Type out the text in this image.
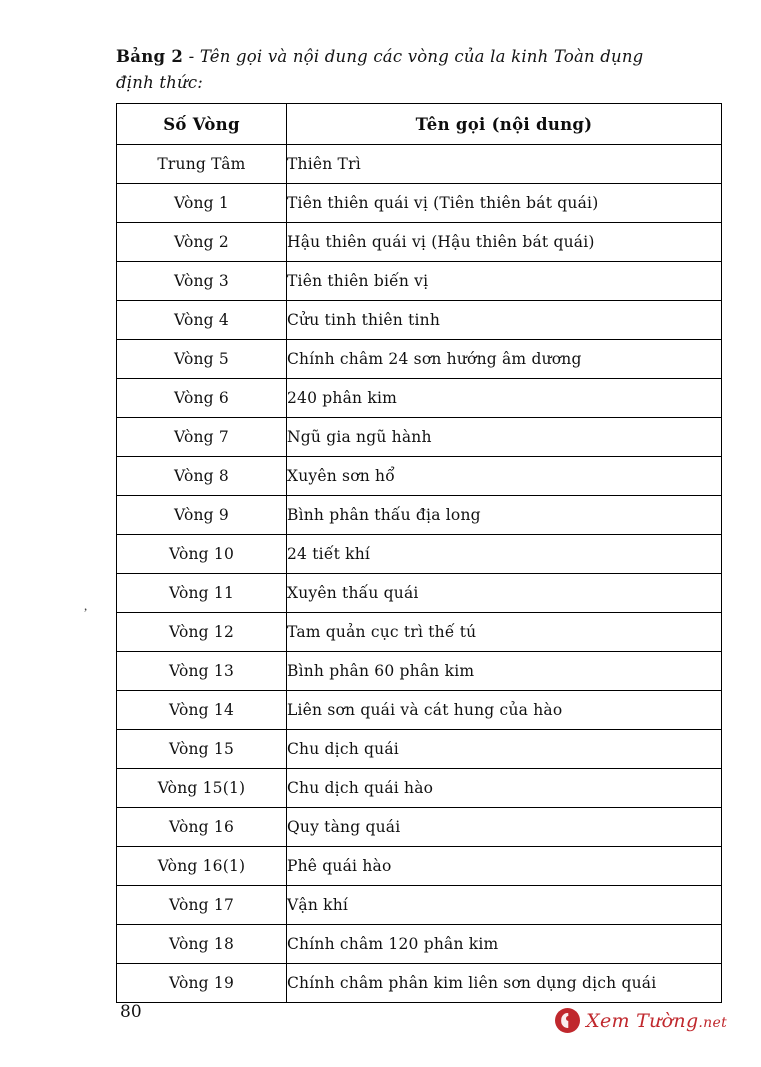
Bảng 2 - Tên gọi và nội dung các vòng của la kinh Toàn dụng
định thức:
,
Số Vòng	Tên gọi (nội dung)
Trung Tâm	Thiên Trì
Vòng 1	Tiên thiên quái vị (Tiên thiên bát quái)
Vòng 2	Hậu thiên quái vị (Hậu thiên bát quái)
Vòng 3	Tiên thiên biến vị
Vòng 4	Cửu tinh thiên tinh
Vòng 5	Chính châm 24 sơn hướng âm dương
Vòng 6	240 phân kim
Vòng 7	Ngũ gia ngũ hành
Vòng 8	Xuyên sơn hổ
Vòng 9	Bình phân thấu địa long
Vòng 10	24 tiết khí
Vòng 11	Xuyên thấu quái
Vòng 12	Tam quản cục trì thế tú
Vòng 13	Bình phân 60 phân kim
Vòng 14	Liên sơn quái và cát hung của hào
Vòng 15	Chu dịch quái
Vòng 15(1)	Chu dịch quái hào
Vòng 16	Quy tàng quái
Vòng 16(1)	Phê quái hào
Vòng 17	Vận khí
Vòng 18	Chính châm 120 phân kim
Vòng 19	Chính châm phân kim liên sơn dụng dịch quái
80	Xem Tường.net
